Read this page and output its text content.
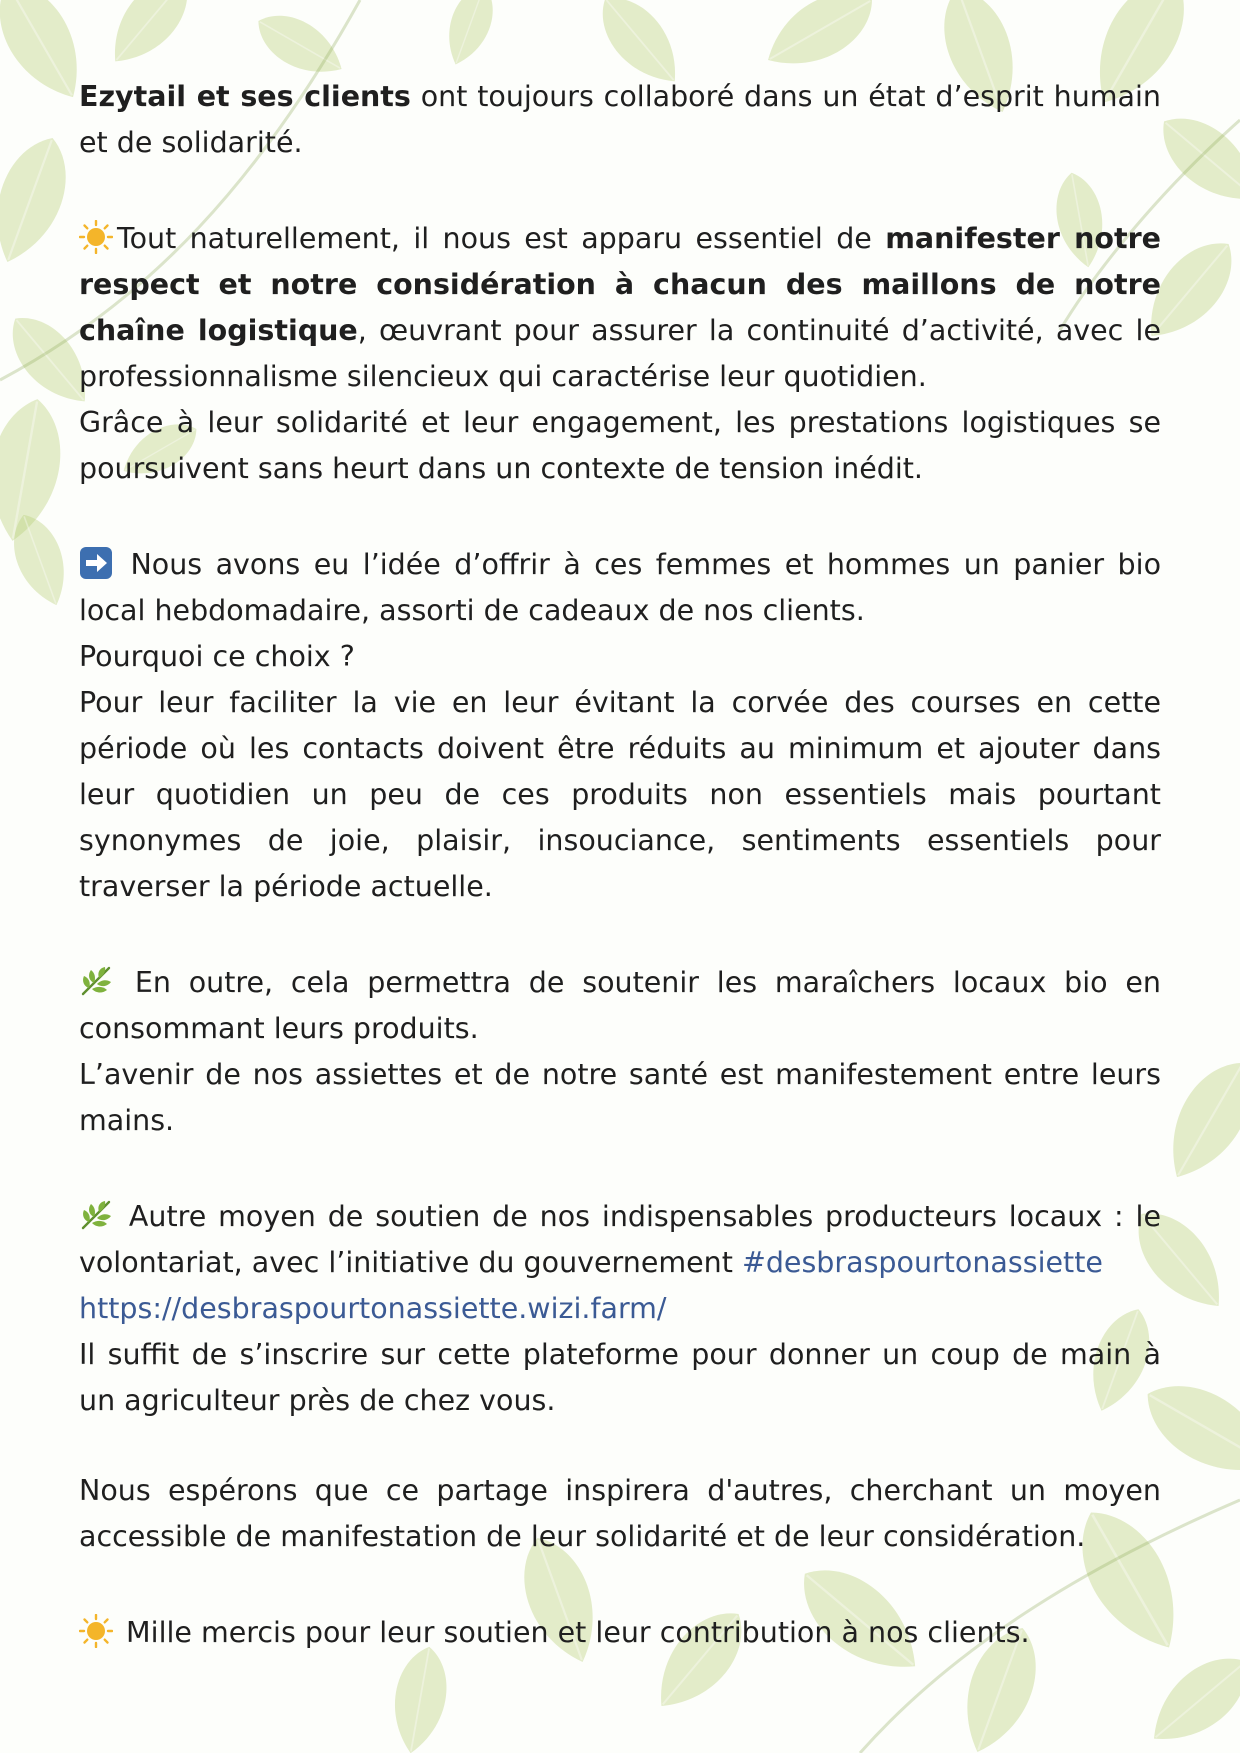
Ezytail et ses clients ont toujours collaboré dans un état d’esprit humain et de solidarité.

Tout naturellement, il nous est apparu essentiel de manifester notre respect et notre considération à chacun des maillons de notre chaîne logistique, œuvrant pour assurer la continuité d’activité, avec le professionnalisme silencieux qui caractérise leur quotidien.

Grâce à leur solidarité et leur engagement, les prestations logistiques se poursuivent sans heurt dans un contexte de tension inédit.

Nous avons eu l’idée d’offrir à ces femmes et hommes un panier bio local hebdomadaire, assorti de cadeaux de nos clients.

Pourquoi ce choix ?

Pour leur faciliter la vie en leur évitant la corvée des courses en cette période où les contacts doivent être réduits au minimum et ajouter dans leur quotidien un peu de ces produits non essentiels mais pourtant synonymes de joie, plaisir, insouciance, sentiments essentiels pour traverser la période actuelle.

En outre, cela permettra de soutenir les maraîchers locaux bio en consommant leurs produits.

L’avenir de nos assiettes et de notre santé est manifestement entre leurs mains.

Autre moyen de soutien de nos indispensables producteurs locaux : le volontariat, avec l’initiative du gouvernement #desbraspourtonassiette

https://desbraspourtonassiette.wizi.farm/

Il suffit de s’inscrire sur cette plateforme pour donner un coup de main à un agriculteur près de chez vous.

Nous espérons que ce partage inspirera d'autres, cherchant un moyen accessible de manifestation de leur solidarité et de leur considération.

Mille mercis pour leur soutien et leur contribution à nos clients.
